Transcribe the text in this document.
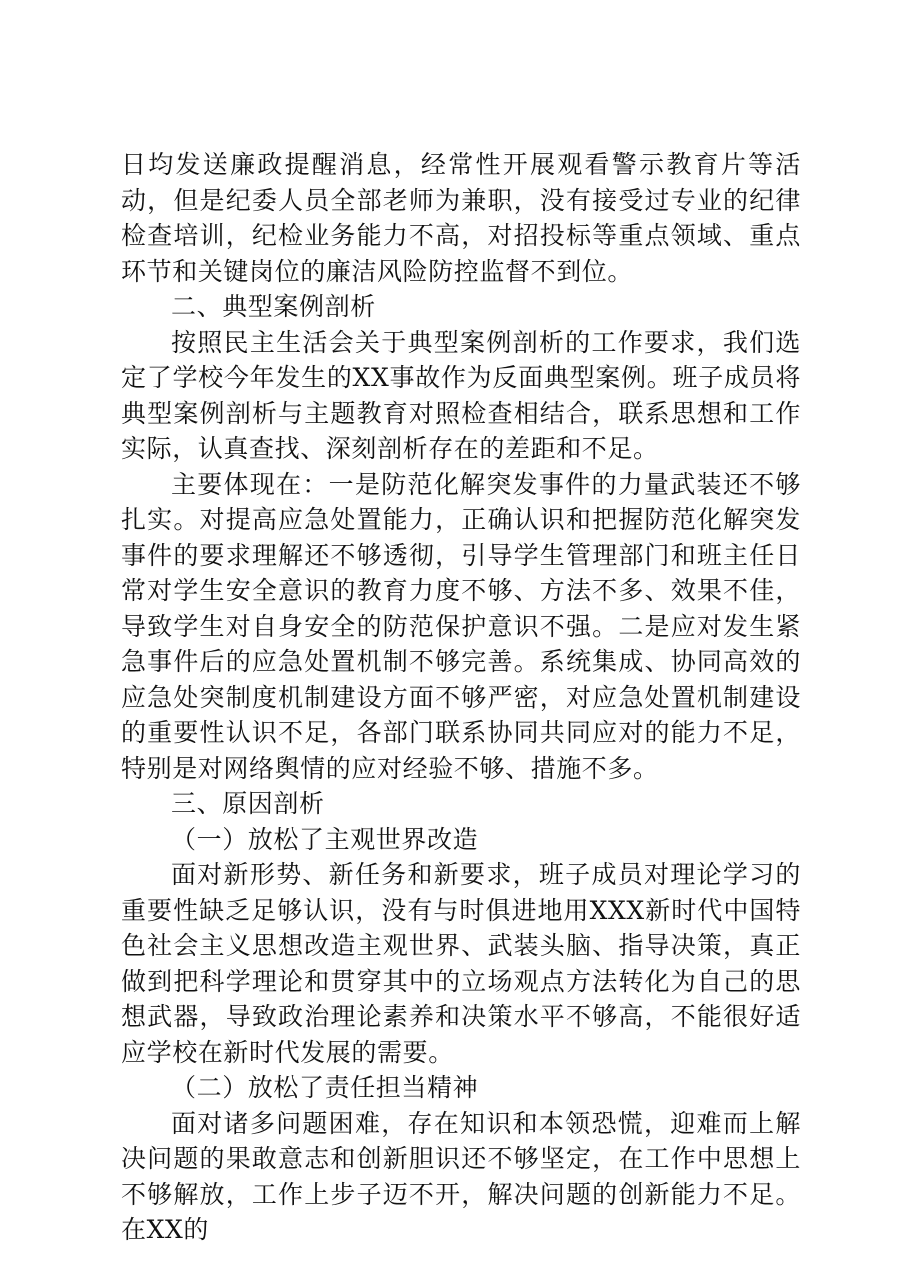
日均发送廉政提醒消息，经常性开展观看警示教育片等活动，但是纪委人员全部老师为兼职，没有接受过专业的纪律检查培训，纪检业务能力不高，对招投标等重点领域、重点环节和关键岗位的廉洁风险防控监督不到位。

二、典型案例剖析

按照民主生活会关于典型案例剖析的工作要求，我们选定了学校今年发生的XX事故作为反面典型案例。班子成员将典型案例剖析与主题教育对照检查相结合，联系思想和工作实际，认真查找、深刻剖析存在的差距和不足。

主要体现在：一是防范化解突发事件的力量武装还不够扎实。对提高应急处置能力，正确认识和把握防范化解突发事件的要求理解还不够透彻，引导学生管理部门和班主任日常对学生安全意识的教育力度不够、方法不多、效果不佳，导致学生对自身安全的防范保护意识不强。二是应对发生紧急事件后的应急处置机制不够完善。系统集成、协同高效的应急处突制度机制建设方面不够严密，对应急处置机制建设的重要性认识不足，各部门联系协同共同应对的能力不足，特别是对网络舆情的应对经验不够、措施不多。

三、原因剖析

（一）放松了主观世界改造

面对新形势、新任务和新要求，班子成员对理论学习的重要性缺乏足够认识，没有与时俱进地用XXX新时代中国特色社会主义思想改造主观世界、武装头脑、指导决策，真正做到把科学理论和贯穿其中的立场观点方法转化为自己的思想武器，导致政治理论素养和决策水平不够高，不能很好适应学校在新时代发展的需要。

（二）放松了责任担当精神

面对诸多问题困难，存在知识和本领恐慌，迎难而上解决问题的果敢意志和创新胆识还不够坚定，在工作中思想上不够解放，工作上步子迈不开，解决问题的创新能力不足。在XX的
